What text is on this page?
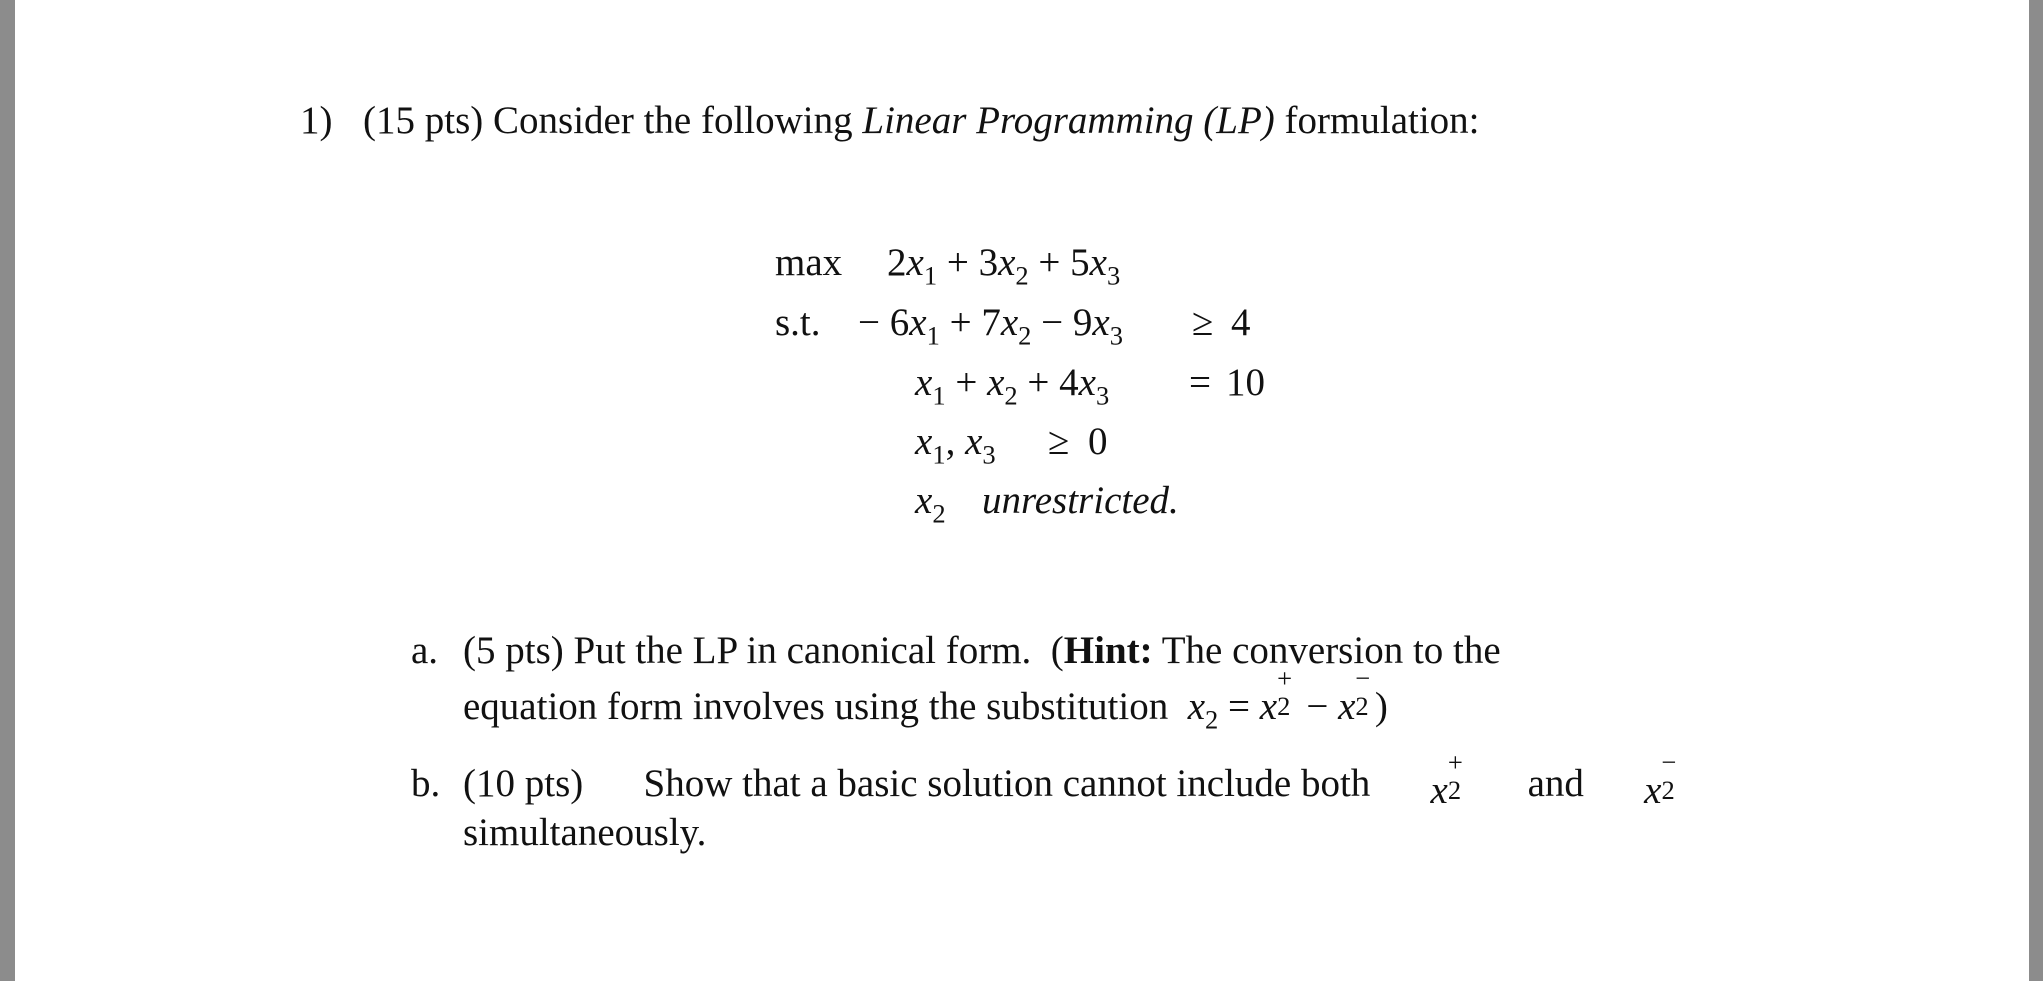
1) (15 pts) Consider the following Linear Programming (LP) formulation:
$\max 2x_1 + 3x_2 + 5x_3$
s.t. − $6x_1 + 7x_2 - 9x_3 \ge 4$
$x_1 + x_2 + 4x_3 = 10$
$x_1$, $x_3 \ge 0$
$x_2$ unrestricted.
a. (5 pts) Put the LP in canonical form.  (Hint: The conversion to the
equation form involves using the substitution $x_2 = x$
+
2 − x
−
2 )
b. (10 pts) Show that a basic solution cannot include both x
+
2 and x
−
2
simultaneously.
